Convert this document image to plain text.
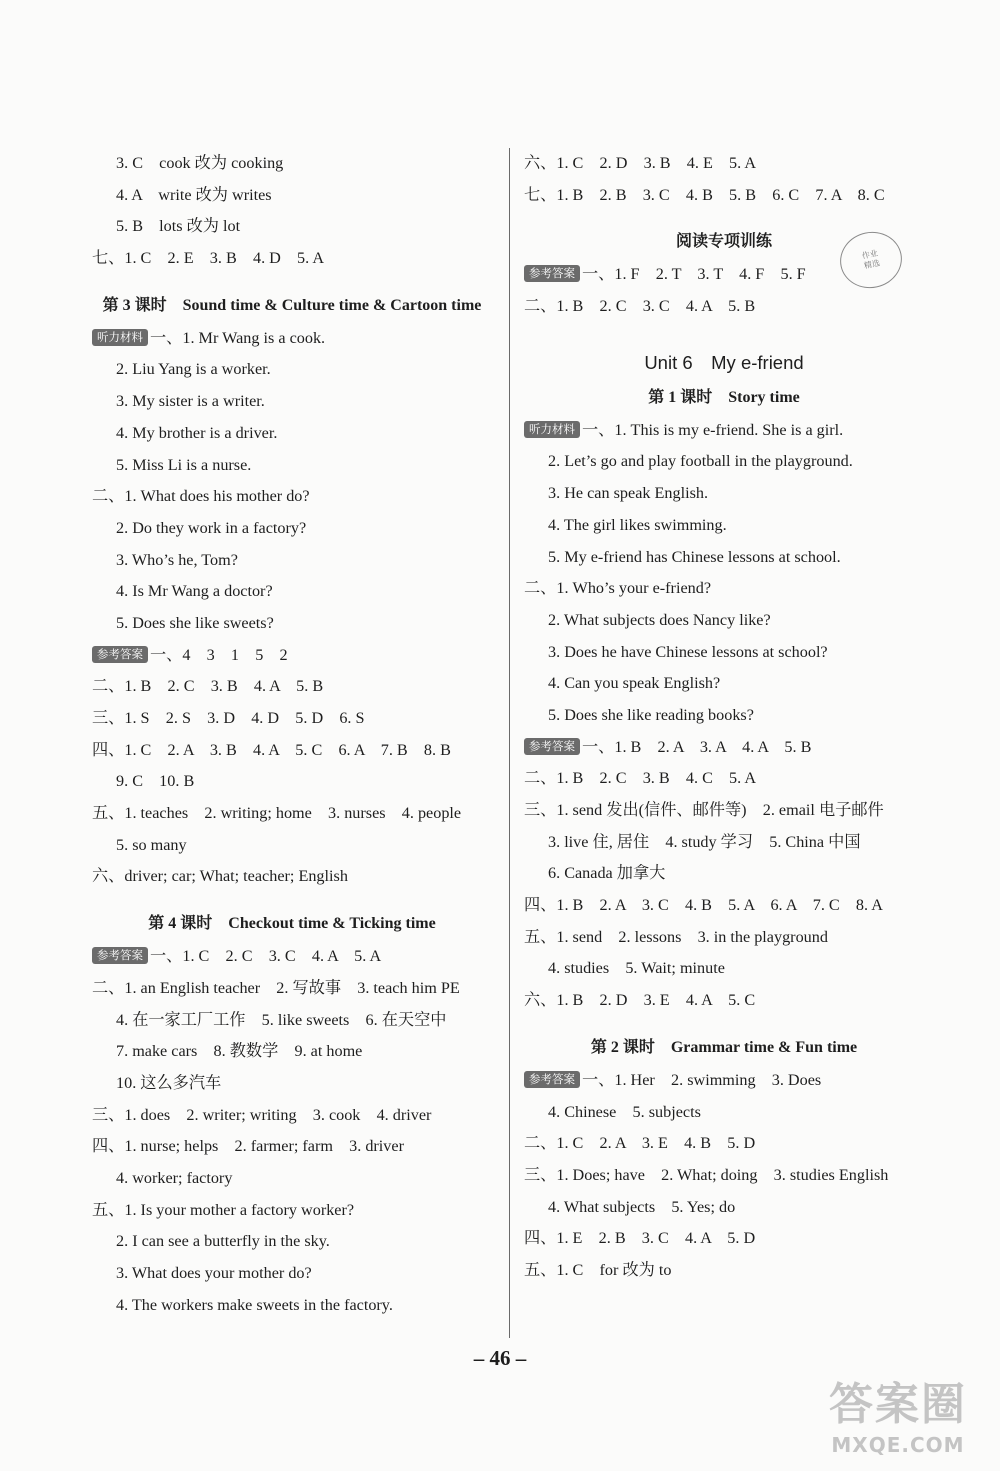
3. C　cook 改为 cooking
4. A　write 改为 writes
5. B　lots 改为 lot
七、1. C　2. E　3. B　4. D　5. A
第 3 课时　Sound time & Culture time & Cartoon time
听力材料 一、1. Mr Wang is a cook.
2. Liu Yang is a worker.
3. My sister is a writer.
4. My brother is a driver.
5. Miss Li is a nurse.
二、1. What does his mother do?
2. Do they work in a factory?
3. Who’s he, Tom?
4. Is Mr Wang a doctor?
5. Does she like sweets?
参考答案 一、4　3　1　5　2
二、1. B　2. C　3. B　4. A　5. B
三、1. S　2. S　3. D　4. D　5. D　6. S
四、1. C　2. A　3. B　4. A　5. C　6. A　7. B　8. B
9. C　10. B
五、1. teaches　2. writing; home　3. nurses　4. people
5. so many
六、driver; car; What; teacher; English
第 4 课时　Checkout time & Ticking time
参考答案 一、1. C　2. C　3. C　4. A　5. A
二、1. an English teacher　2. 写故事　3. teach him PE
4. 在一家工厂工作　5. like sweets　6. 在天空中
7. make cars　8. 教数学　9. at home
10. 这么多汽车
三、1. does　2. writer; writing　3. cook　4. driver
四、1. nurse; helps　2. farmer; farm　3. driver
4. worker; factory
五、1. Is your mother a factory worker?
2. I can see a butterfly in the sky.
3. What does your mother do?
4. The workers make sweets in the factory.
六、1. C　2. D　3. B　4. E　5. A
七、1. B　2. B　3. C　4. B　5. B　6. C　7. A　8. C
阅读专项训练
参考答案 一、1. F　2. T　3. T　4. F　5. F
二、1. B　2. C　3. C　4. A　5. B
Unit 6　My e-friend
第 1 课时　Story time
听力材料 一、1. This is my e-friend. She is a girl.
2. Let’s go and play football in the playground.
3. He can speak English.
4. The girl likes swimming.
5. My e-friend has Chinese lessons at school.
二、1. Who’s your e-friend?
2. What subjects does Nancy like?
3. Does he have Chinese lessons at school?
4. Can you speak English?
5. Does she like reading books?
参考答案 一、1. B　2. A　3. A　4. A　5. B
二、1. B　2. C　3. B　4. C　5. A
三、1. send 发出(信件、邮件等)　2. email 电子邮件
3. live 住, 居住　4. study 学习　5. China 中国
6. Canada 加拿大
四、1. B　2. A　3. C　4. B　5. A　6. A　7. C　8. A
五、1. send　2. lessons　3. in the playground
4. studies　5. Wait; minute
六、1. B　2. D　3. E　4. A　5. C
第 2 课时　Grammar time & Fun time
参考答案 一、1. Her　2. swimming　3. Does
4. Chinese　5. subjects
二、1. C　2. A　3. E　4. B　5. D
三、1. Does; have　2. What; doing　3. studies English
4. What subjects　5. Yes; do
四、1. E　2. B　3. C　4. A　5. D
五、1. C　for 改为 to
作业
精选
– 46 –
答案圈
MXQE.COM
